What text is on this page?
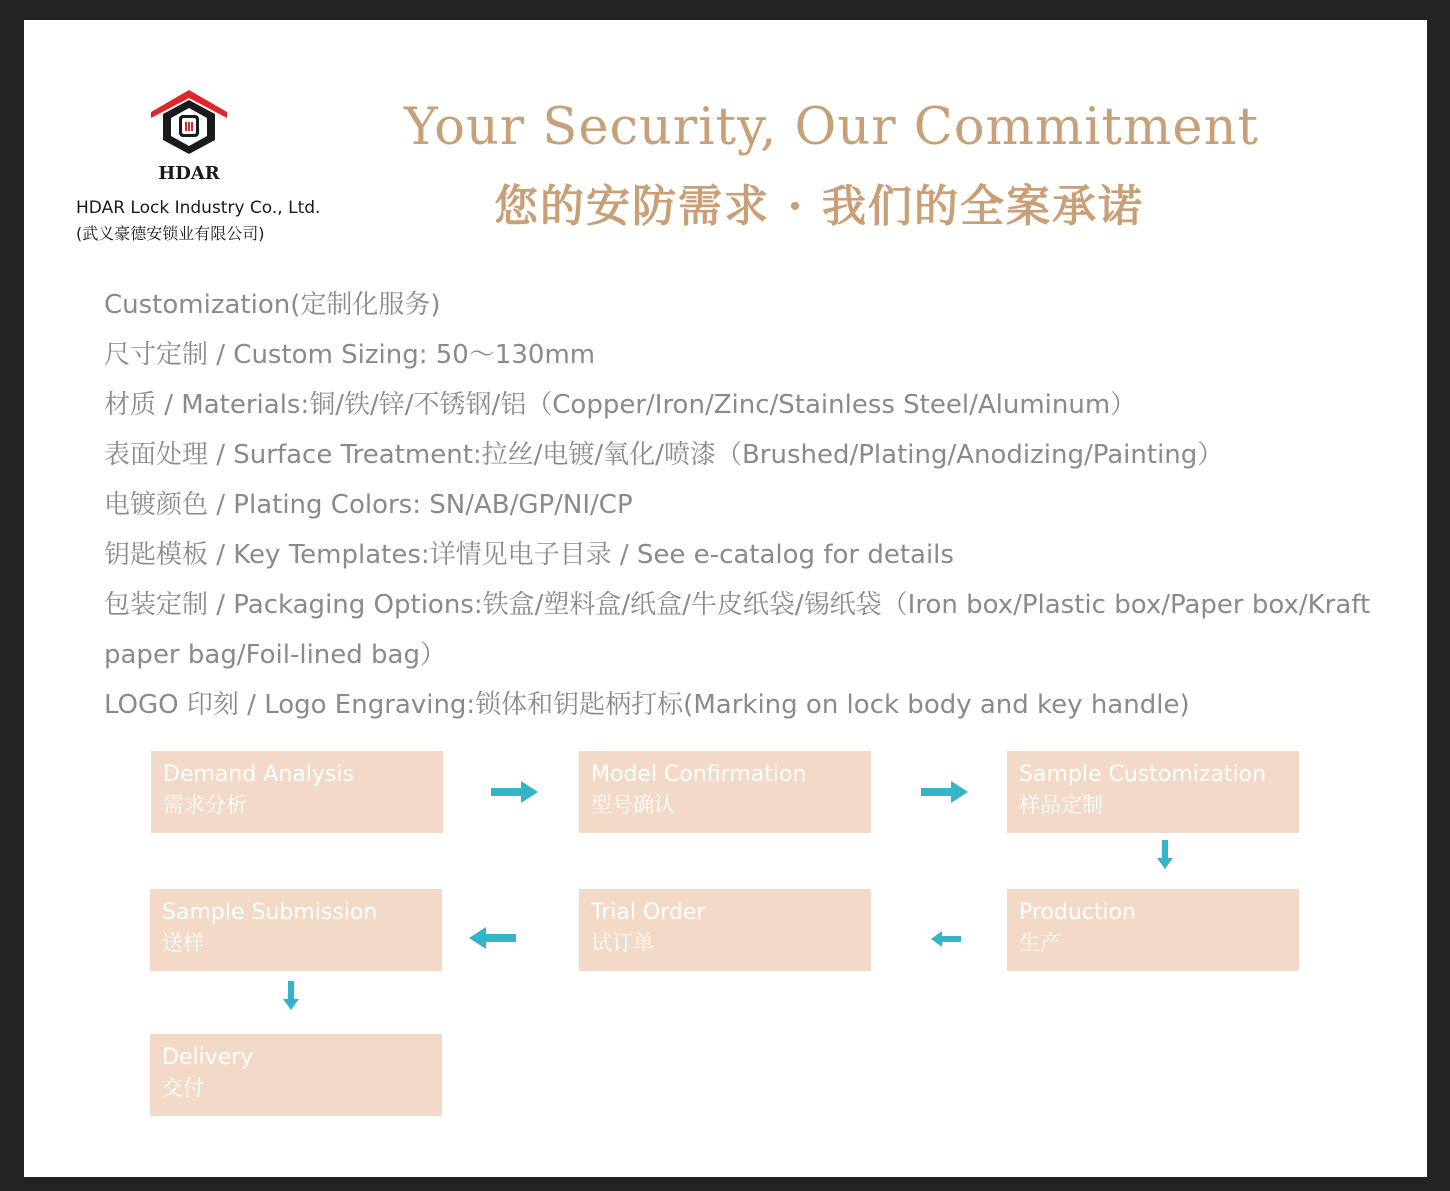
HDAR
HDAR Lock Industry Co., Ltd.
(武义豪德安锁业有限公司)
Your Security, Our Commitment
您的安防需求 · 我们的全案承诺
Customization(定制化服务)
尺寸定制 / Custom Sizing: 50～130mm
材质 / Materials:铜/铁/锌/不锈钢/铝（Copper/Iron/Zinc/Stainless Steel/Aluminum）
表面处理 / Surface Treatment:拉丝/电镀/氧化/喷漆（Brushed/Plating/Anodizing/Painting）
电镀颜色 / Plating Colors: SN/AB/GP/NI/CP
钥匙模板 / Key Templates:详情见电子目录 / See e-catalog for details
包装定制 / Packaging Options:铁盒/塑料盒/纸盒/牛皮纸袋/锡纸袋（Iron box/Plastic box/Paper box/Kraft paper bag/Foil-lined bag）
LOGO 印刻 / Logo Engraving:锁体和钥匙柄打标(Marking on lock body and key handle)
Demand Analysis
需求分析
Model Confirmation
型号确认
Sample Customization
样品定制
Production
生产
Trial Order
试订单
Sample Submission
送样
Delivery
交付
